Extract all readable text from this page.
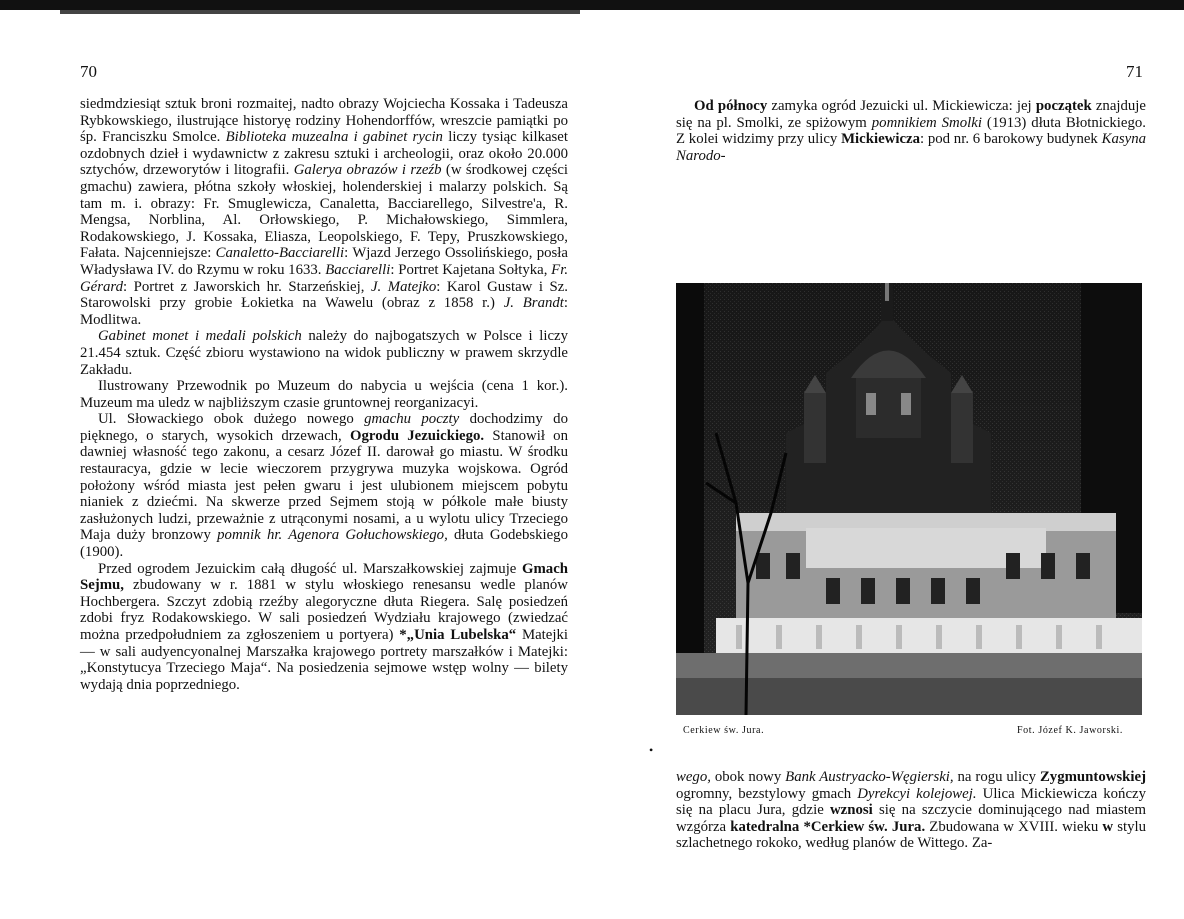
70

siedmdziesiąt sztuk broni rozmaitej, nadto obrazy Wojciecha Kossaka i Tadeusza Rybkowskiego, ilustrujące historyę rodziny Hohendorffów, wreszcie pamiątki po śp. Franciszku Smolce. Biblioteka muzealna i gabinet rycin liczy tysiąc kilkaset ozdobnych dzieł i wydawnictw z zakresu sztuki i archeologii, oraz około 20.000 sztychów, drzeworytów i litografii. Galerya obrazów i rzeźb (w środkowej części gmachu) zawiera, płótna szkoły włoskiej, holenderskiej i malarzy polskich. Są tam m. i. obrazy: Fr. Smuglewicza, Canaletta, Bacciarellego, Silvestre'a, R. Mengsa, Norblina, Al. Orłowskiego, P. Michałowskiego, Simmlera, Rodakowskiego, J. Kossaka, Eliasza, Leopolskiego, F. Tepy, Pruszkowskiego, Fałata. Najcenniejsze: Canaletto-Bacciarelli: Wjazd Jerzego Ossolińskiego, posła Władysława IV. do Rzymu w roku 1633. Bacciarelli: Portret Kajetana Sołtyka, Fr. Gérard: Portret z Jaworskich hr. Starzeńskiej, J. Matejko: Karol Gustaw i Sz. Starowolski przy grobie Łokietka na Wawelu (obraz z 1858 r.) J. Brandt: Modlitwa.

Gabinet monet i medali polskich należy do najbogatszych w Polsce i liczy 21.454 sztuk. Część zbioru wystawiono na widok publiczny w prawem skrzydle Zakładu.

Ilustrowany Przewodnik po Muzeum do nabycia u wejścia (cena 1 kor.). Muzeum ma uledz w najbliższym czasie gruntownej reorganizacyi.

Ul. Słowackiego obok dużego nowego gmachu poczty dochodzimy do pięknego, o starych, wysokich drzewach, Ogrodu Jezuickiego. Stanowił on dawniej własność tego zakonu, a cesarz Józef II. darował go miastu. W środku restauracya, gdzie w lecie wieczorem przygrywa muzyka wojskowa. Ogród położony wśród miasta jest pełen gwaru i jest ulubionem miejscem pobytu nianiek z dziećmi. Na skwerze przed Sejmem stoją w półkole małe biusty zasłużonych ludzi, przeważnie z utrąconymi nosami, a u wylotu ulicy Trzeciego Maja duży bronzowy pomnik hr. Agenora Gołuchowskiego, dłuta Godebskiego (1900).

Przed ogrodem Jezuickim całą długość ul. Marszałkowskiej zajmuje Gmach Sejmu, zbudowany w r. 1881 w stylu włoskiego renesansu wedle planów Hochbergera. Szczyt zdobią rzeźby alegoryczne dłuta Riegera. Salę posiedzeń zdobi fryz Rodakowskiego. W sali posiedzeń Wydziału krajowego (zwiedzać można przedpołudniem za zgłoszeniem u portyera) *„Unia Lubelska“ Matejki — w sali audyencyonalnej Marszałka krajowego portrety marszałków i Matejki: „Konstytucya Trzeciego Maja“. Na posiedzenia sejmowe wstęp wolny — bilety wydają dnia poprzedniego.

71

Od północy zamyka ogród Jezuicki ul. Mickiewicza: jej początek znajduje się na pl. Smolki, ze spiżowym pomnikiem Smolki (1913) dłuta Błotnickiego. Z kolei widzimy przy ulicy Mickiewicza: pod nr. 6 barokowy budynek Kasyna Narodo-

Cerkiew św. Jura.	Fot. Józef K. Jaworski.
•

wego, obok nowy Bank Austryacko-Węgierski, na rogu ulicy Zygmuntowskiej ogromny, bezstylowy gmach Dyrekcyi kolejowej. Ulica Mickiewicza kończy się na placu Jura, gdzie wznosi się na szczycie dominującego nad miastem wzgórza katedralna *Cerkiew św. Jura. Zbudowana w XVIII. wieku w stylu szlachetnego rokoko, według planów de Wittego. Za-
